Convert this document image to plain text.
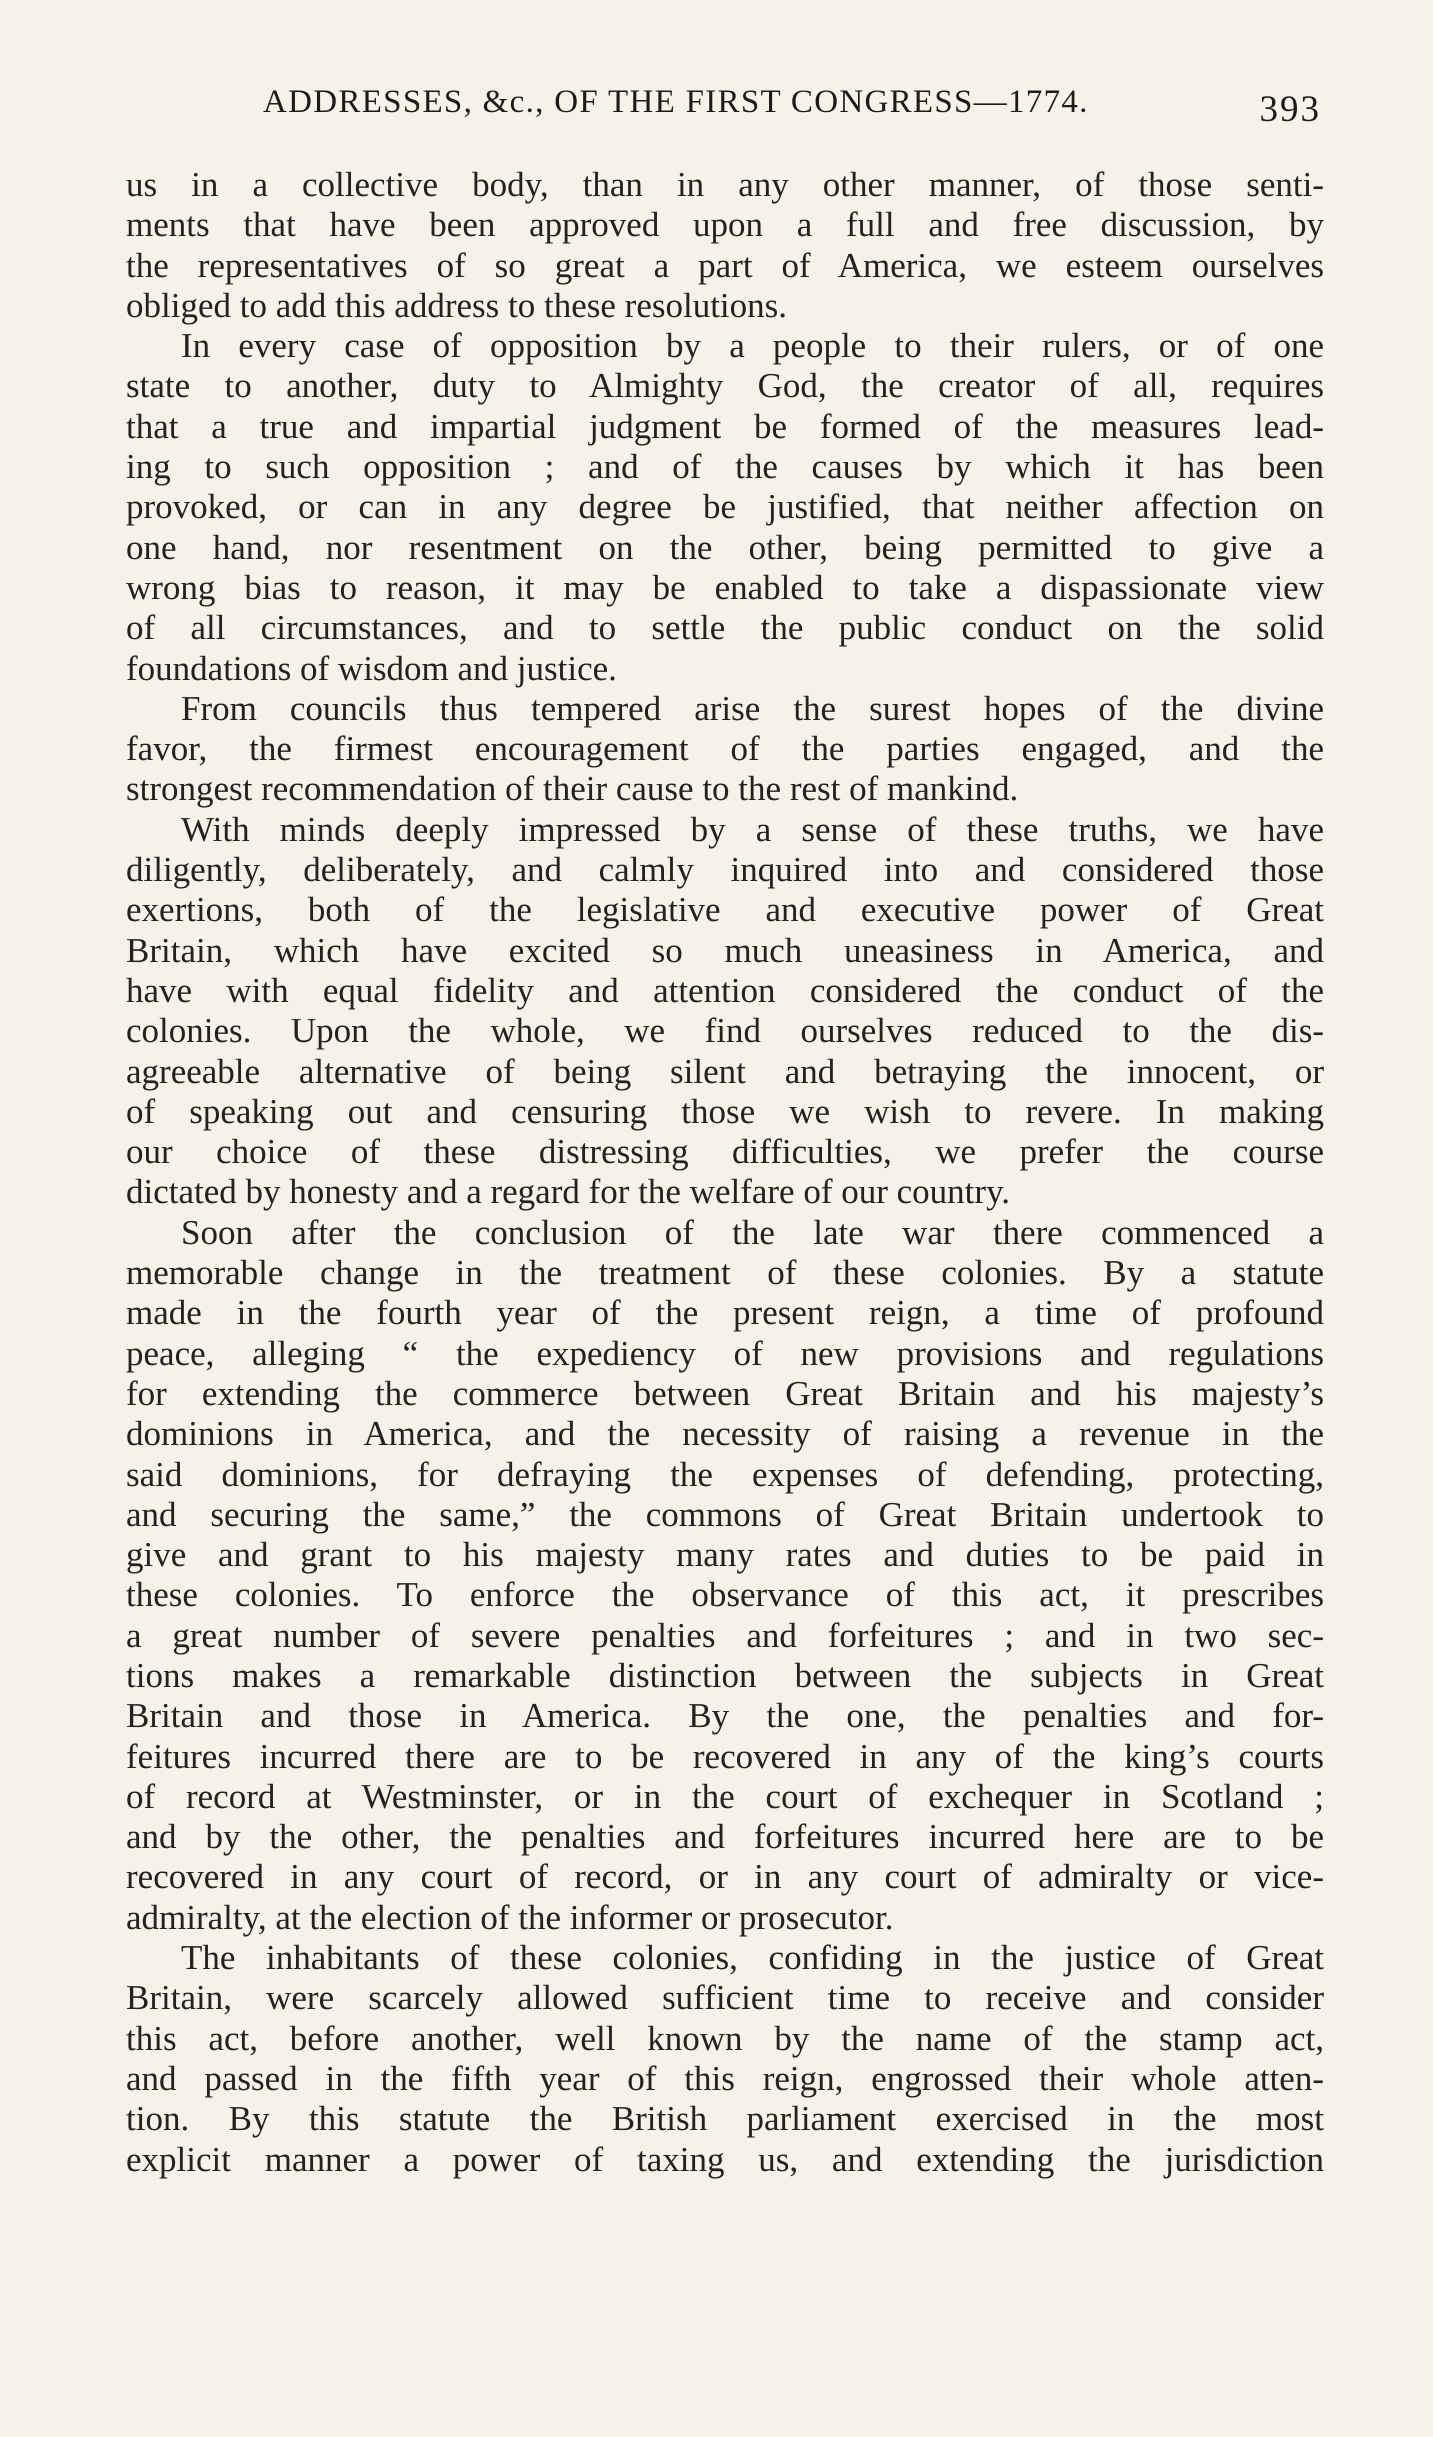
ADDRESSES, &c., OF THE FIRST CONGRESS—1774.	393
us in a collective body, than in any other manner, of those senti-
ments that have been approved upon a full and free discussion, by
the representatives of so great a part of America, we esteem ourselves
obliged to add this address to these resolutions.
In every case of opposition by a people to their rulers, or of one
state to another, duty to Almighty God, the creator of all, requires
that a true and impartial judgment be formed of the measures lead-
ing to such opposition ; and of the causes by which it has been
provoked, or can in any degree be justified, that neither affection on
one hand, nor resentment on the other, being permitted to give a
wrong bias to reason, it may be enabled to take a dispassionate view
of all circumstances, and to settle the public conduct on the solid
foundations of wisdom and justice.
From councils thus tempered arise the surest hopes of the divine
favor, the firmest encouragement of the parties engaged, and the
strongest recommendation of their cause to the rest of mankind.
With minds deeply impressed by a sense of these truths, we have
diligently, deliberately, and calmly inquired into and considered those
exertions, both of the legislative and executive power of Great
Britain, which have excited so much uneasiness in America, and
have with equal fidelity and attention considered the conduct of the
colonies. Upon the whole, we find ourselves reduced to the dis-
agreeable alternative of being silent and betraying the innocent, or
of speaking out and censuring those we wish to revere. In making
our choice of these distressing difficulties, we prefer the course
dictated by honesty and a regard for the welfare of our country.
Soon after the conclusion of the late war there commenced a
memorable change in the treatment of these colonies. By a statute
made in the fourth year of the present reign, a time of profound
peace, alleging “ the expediency of new provisions and regulations
for extending the commerce between Great Britain and his majesty’s
dominions in America, and the necessity of raising a revenue in the
said dominions, for defraying the expenses of defending, protecting,
and securing the same,” the commons of Great Britain undertook to
give and grant to his majesty many rates and duties to be paid in
these colonies. To enforce the observance of this act, it prescribes
a great number of severe penalties and forfeitures ; and in two sec-
tions makes a remarkable distinction between the subjects in Great
Britain and those in America. By the one, the penalties and for-
feitures incurred there are to be recovered in any of the king’s courts
of record at Westminster, or in the court of exchequer in Scotland ;
and by the other, the penalties and forfeitures incurred here are to be
recovered in any court of record, or in any court of admiralty or vice-
admiralty, at the election of the informer or prosecutor.
The inhabitants of these colonies, confiding in the justice of Great
Britain, were scarcely allowed sufficient time to receive and consider
this act, before another, well known by the name of the stamp act,
and passed in the fifth year of this reign, engrossed their whole atten-
tion. By this statute the British parliament exercised in the most
explicit manner a power of taxing us, and extending the jurisdiction
